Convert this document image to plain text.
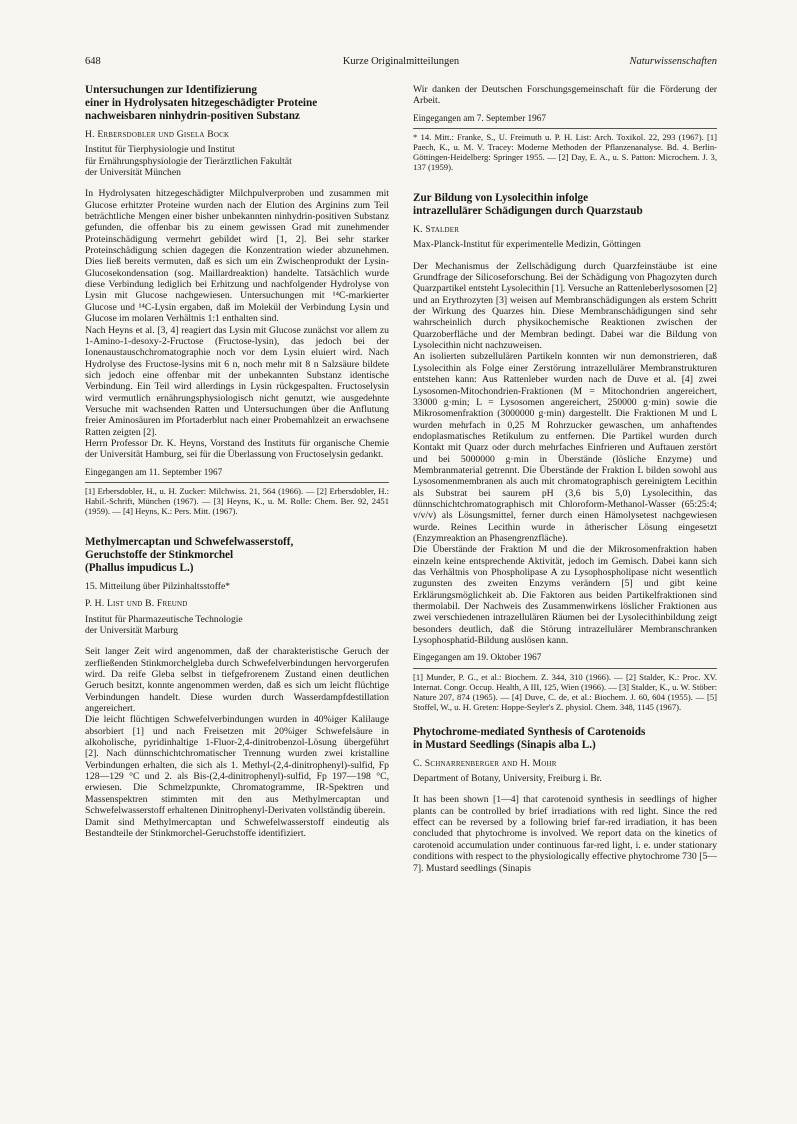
648	Kurze Originalmitteilungen	Naturwissenschaften
Untersuchungen zur Identifizierung
einer in Hydrolysaten hitzegeschädigter Proteine
nachweisbaren ninhydrin-positiven Substanz
H. Erbersdobler und Gisela Bock
Institut für Tierphysiologie und Institut
für Ernährungsphysiologie der Tierärztlichen Fakultät
der Universität München

In Hydrolysaten hitzegeschädigter Milchpulverproben und zusammen mit Glucose erhitzter Proteine wurden nach der Elution des Arginins zum Teil beträchtliche Mengen einer bisher unbekannten ninhydrin-positiven Substanz gefunden, die offenbar bis zu einem gewissen Grad mit zunehmender Proteinschädigung vermehrt gebildet wird [1, 2]. Bei sehr starker Proteinschädigung schien dagegen die Konzentration wieder abzunehmen. Dies ließ bereits vermuten, daß es sich um ein Zwischenprodukt der Lysin-Glucosekondensation (sog. Maillardreaktion) handelte. Tatsächlich wurde diese Verbindung lediglich bei Erhitzung und nachfolgender Hydrolyse von Lysin mit Glucose nachgewiesen. Untersuchungen mit ¹⁴C-markierter Glucose und ¹⁴C-Lysin ergaben, daß im Molekül der Verbindung Lysin und Glucose im molaren Verhältnis 1:1 enthalten sind.

Nach Heyns et al. [3, 4] reagiert das Lysin mit Glucose zunächst vor allem zu 1-Amino-1-desoxy-2-Fructose (Fructose-lysin), das jedoch bei der Ionenaustauschchromatographie noch vor dem Lysin eluiert wird. Nach Hydrolyse des Fructose-lysins mit 6 n, noch mehr mit 8 n Salzsäure bildete sich jedoch eine offenbar mit der unbekannten Substanz identische Verbindung. Ein Teil wird allerdings in Lysin rückgespalten. Fructoselysin wird vermutlich ernährungsphysiologisch nicht genutzt, wie ausgedehnte Versuche mit wachsenden Ratten und Untersuchungen über die Anflutung freier Aminosäuren im Pfortaderblut nach einer Probemahlzeit an erwachsene Ratten zeigten [2].

Herrn Professor Dr. K. Heyns, Vorstand des Instituts für organische Chemie der Universität Hamburg, sei für die Überlassung von Fructoselysin gedankt.

Eingegangen am 11. September 1967
[1] Erbersdobler, H., u. H. Zucker: Milchwiss. 21, 564 (1966). — [2] Erbersdobler, H.: Habil.-Schrift, München (1967). — [3] Heyns, K., u. M. Rolle: Chem. Ber. 92, 2451 (1959). — [4] Heyns, K.: Pers. Mitt. (1967).
Methylmercaptan und Schwefelwasserstoff,
Geruchstoffe der Stinkmorchel
(Phallus impudicus L.)
15. Mitteilung über Pilzinhaltsstoffe*
P. H. List und B. Freund
Institut für Pharmazeutische Technologie
der Universität Marburg

Seit langer Zeit wird angenommen, daß der charakteristische Geruch der zerfließenden Stinkmorchelgleba durch Schwefelverbindungen hervorgerufen wird. Da reife Gleba selbst in tiefgefrorenem Zustand einen deutlichen Geruch besitzt, konnte angenommen werden, daß es sich um leicht flüchtige Verbindungen handelt. Diese wurden durch Wasserdampfdestillation angereichert.

Die leicht flüchtigen Schwefelverbindungen wurden in 40%iger Kalilauge absorbiert [1] und nach Freisetzen mit 20%iger Schwefelsäure in alkoholische, pyridinhaltige 1-Fluor-2,4-dinitrobenzol-Lösung übergeführt [2]. Nach dünnschichtchromatischer Trennung wurden zwei kristalline Verbindungen erhalten, die sich als 1. Methyl-(2,4-dinitrophenyl)-sulfid, Fp 128—129 °C und 2. als Bis-(2,4-dinitrophenyl)-sulfid, Fp 197—198 °C, erwiesen. Die Schmelzpunkte, Chromatogramme, IR-Spektren und Massenspektren stimmten mit den aus Methylmercaptan und Schwefelwasserstoff erhaltenen Dinitrophenyl-Derivaten vollständig überein.

Damit sind Methylmercaptan und Schwefelwasserstoff eindeutig als Bestandteile der Stinkmorchel-Geruchstoffe identifiziert.

Wir danken der Deutschen Forschungsgemeinschaft für die Förderung der Arbeit.

Eingegangen am 7. September 1967
* 14. Mitt.: Franke, S., U. Freimuth u. P. H. List: Arch. Toxikol. 22, 293 (1967). [1] Paech, K., u. M. V. Tracey: Moderne Methoden der Pflanzenanalyse. Bd. 4. Berlin-Göttingen-Heidelberg: Springer 1955. — [2] Day, E. A., u. S. Patton: Microchem. J. 3, 137 (1959).
Zur Bildung von Lysolecithin infolge
intrazellulärer Schädigungen durch Quarzstaub
K. Stalder
Max-Planck-Institut für experimentelle Medizin, Göttingen

Der Mechanismus der Zellschädigung durch Quarzfeinstäube ist eine Grundfrage der Silicoseforschung. Bei der Schädigung von Phagozyten durch Quarzpartikel entsteht Lysolecithin [1]. Versuche an Rattenleberlysosomen [2] und an Erythrozyten [3] weisen auf Membranschädigungen als erstem Schritt der Wirkung des Quarzes hin. Diese Membranschädigungen sind sehr wahrscheinlich durch physikochemische Reaktionen zwischen der Quarzoberfläche und der Membran bedingt. Dabei war die Bildung von Lysolecithin nicht nachzuweisen.

An isolierten subzellulären Partikeln konnten wir nun demonstrieren, daß Lysolecithin als Folge einer Zerstörung intrazellulärer Membranstrukturen entstehen kann: Aus Rattenleber wurden nach de Duve et al. [4] zwei Lysosomen-Mitochondrien-Fraktionen (M = Mitochondrien angereichert, 33000 g·min; L = Lysosomen angereichert, 250000 g·min) sowie die Mikrosomenfraktion (3000000 g·min) dargestellt. Die Fraktionen M und L wurden mehrfach in 0,25 M Rohrzucker gewaschen, um anhaftendes endoplasmatisches Retikulum zu entfernen. Die Partikel wurden durch Kontakt mit Quarz oder durch mehrfaches Einfrieren und Auftauen zerstört und bei 5000000 g·min in Überstände (lösliche Enzyme) und Membranmaterial getrennt. Die Überstände der Fraktion L bilden sowohl aus Lysosomenmembranen als auch mit chromatographisch gereinigtem Lecithin als Substrat bei saurem pH (3,6 bis 5,0) Lysolecithin, das dünnschichtchromatographisch mit Chloroform-Methanol-Wasser (65:25:4; v/v/v) als Lösungsmittel, ferner durch einen Hämolysetest nachgewiesen wurde. Reines Lecithin wurde in ätherischer Lösung eingesetzt (Enzymreaktion an Phasengrenzfläche).

Die Überstände der Fraktion M und die der Mikrosomenfraktion haben einzeln keine entsprechende Aktivität, jedoch im Gemisch. Dabei kann sich das Verhältnis von Phospholipase A zu Lysophospholipase nicht wesentlich zugunsten des zweiten Enzyms verändern [5] und gibt keine Erklärungsmöglichkeit ab. Die Faktoren aus beiden Partikelfraktionen sind thermolabil. Der Nachweis des Zusammenwirkens löslicher Fraktionen aus zwei verschiedenen intrazellulären Räumen bei der Lysolecithinbildung zeigt besonders deutlich, daß die Störung intrazellulärer Membranschranken Lysophosphatid-Bildung auslösen kann.

Eingegangen am 19. Oktober 1967
[1] Munder, P. G., et al.: Biochem. Z. 344, 310 (1966). — [2] Stalder, K.: Proc. XV. Internat. Congr. Occup. Health, A III, 125, Wien (1966). — [3] Stalder, K., u. W. Stöber: Nature 207, 874 (1965). — [4] Duve, C. de, et al.: Biochem. J. 60, 604 (1955). — [5] Stoffel, W., u. H. Greten: Hoppe-Seyler's Z. physiol. Chem. 348, 1145 (1967).
Phytochrome-mediated Synthesis of Carotenoids
in Mustard Seedlings (Sinapis alba L.)
C. Schnarrenberger and H. Mohr
Department of Botany, University, Freiburg i. Br.

It has been shown [1—4] that carotenoid synthesis in seedlings of higher plants can be controlled by brief irradiations with red light. Since the red effect can be reversed by a following brief far-red irradiation, it has been concluded that phytochrome is involved. We report data on the kinetics of carotenoid accumulation under continuous far-red light, i. e. under stationary conditions with respect to the physiologically effective phytochrome 730 [5—7]. Mustard seedlings (Sinapis
